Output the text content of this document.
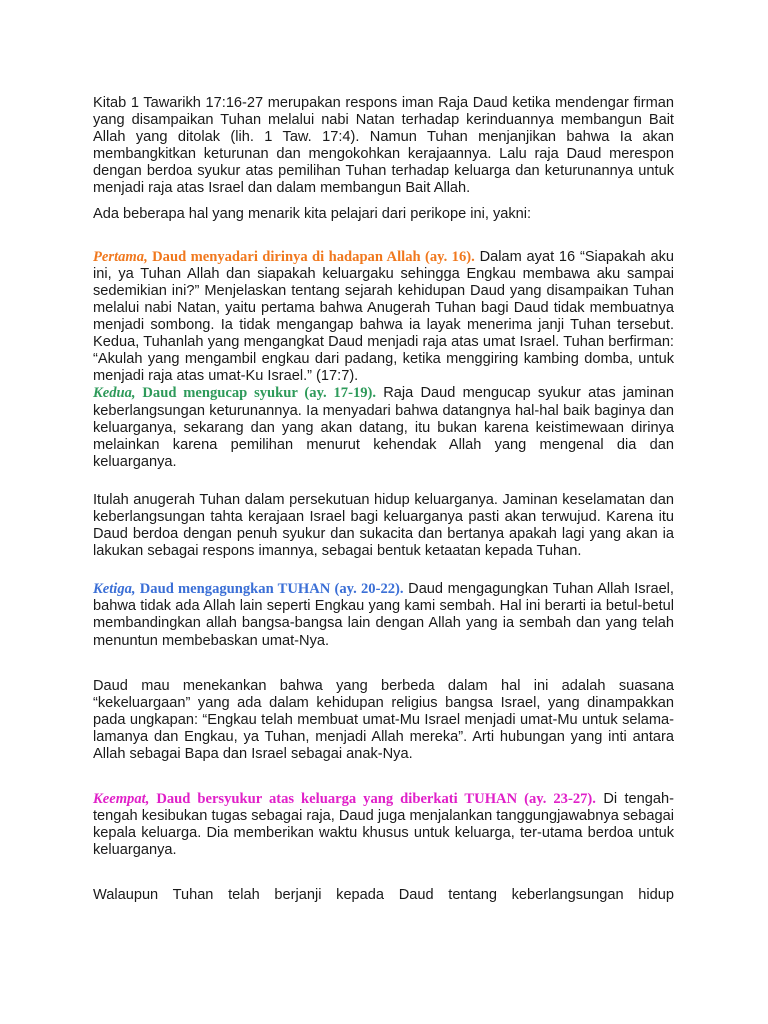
Kitab 1 Tawarikh 17:16-27 merupakan respons iman Raja Daud ketika mendengar firman yang disampaikan Tuhan melalui nabi Natan terhadap kerinduannya membangun Bait Allah yang ditolak (lih. 1 Taw. 17:4). Namun Tuhan menjanjikan bahwa Ia akan membangkitkan keturunan dan mengokohkan kerajaannya. Lalu raja Daud merespon dengan berdoa syukur atas pemilihan Tuhan terhadap keluarga dan keturunannya untuk menjadi raja atas Israel dan dalam membangun Bait Allah.

Ada beberapa hal yang menarik kita pelajari dari perikope ini, yakni:

Pertama, Daud menyadari dirinya di hadapan Allah (ay. 16). Dalam ayat 16 “Siapakah aku ini, ya Tuhan Allah dan siapakah keluargaku sehingga Engkau membawa aku sampai sedemikian ini?” Menjelaskan tentang sejarah kehidupan Daud yang disampaikan Tuhan melalui nabi Natan, yaitu pertama bahwa Anugerah Tuhan bagi Daud tidak membuatnya menjadi sombong. Ia tidak mengangap bahwa ia layak menerima janji Tuhan tersebut. Kedua, Tuhanlah yang mengangkat Daud menjadi raja atas umat Israel. Tuhan berfirman: “Akulah yang mengambil engkau dari padang, ketika menggiring kambing domba, untuk menjadi raja atas umat-Ku Israel.” (17:7).

Kedua, Daud mengucap syukur (ay. 17-19). Raja Daud mengucap syukur atas jaminan keberlangsungan keturunannya. Ia menyadari bahwa datangnya hal-hal baik baginya dan keluarganya, sekarang dan yang akan datang, itu bukan karena keistimewaan dirinya melainkan karena pemilihan menurut kehendak Allah yang mengenal dia dan keluarganya.

Itulah anugerah Tuhan dalam persekutuan hidup keluarganya. Jaminan keselamatan dan keberlangsungan tahta kerajaan Israel bagi keluarganya pasti akan terwujud. Karena itu Daud berdoa dengan penuh syukur dan sukacita dan bertanya apakah lagi yang akan ia lakukan sebagai respons imannya, sebagai bentuk ketaatan kepada Tuhan.

Ketiga, Daud mengagungkan TUHAN (ay. 20-22). Daud mengagungkan Tuhan Allah Israel, bahwa tidak ada Allah lain seperti Engkau yang kami sembah. Hal ini berarti ia betul-betul membandingkan allah bangsa-bangsa lain dengan Allah yang ia sembah dan yang telah menuntun membebaskan umat-Nya.

Daud mau menekankan bahwa yang berbeda dalam hal ini adalah suasana “kekeluargaan” yang ada dalam kehidupan religius bangsa Israel, yang dinampakkan pada ungkapan: “Engkau telah membuat umat-Mu Israel menjadi umat-Mu untuk selama-lamanya dan Engkau, ya Tuhan, menjadi Allah mereka”. Arti hubungan yang inti antara Allah sebagai Bapa dan Israel sebagai anak-Nya.

Keempat, Daud bersyukur atas keluarga yang diberkati TUHAN (ay. 23-27). Di tengah-tengah kesibukan tugas sebagai raja, Daud juga menjalankan tanggungjawabnya sebagai kepala keluarga. Dia memberikan waktu khusus untuk keluarga, ter-utama berdoa untuk keluarganya.

Walaupun Tuhan telah berjanji kepada Daud tentang keberlangsungan hidup
